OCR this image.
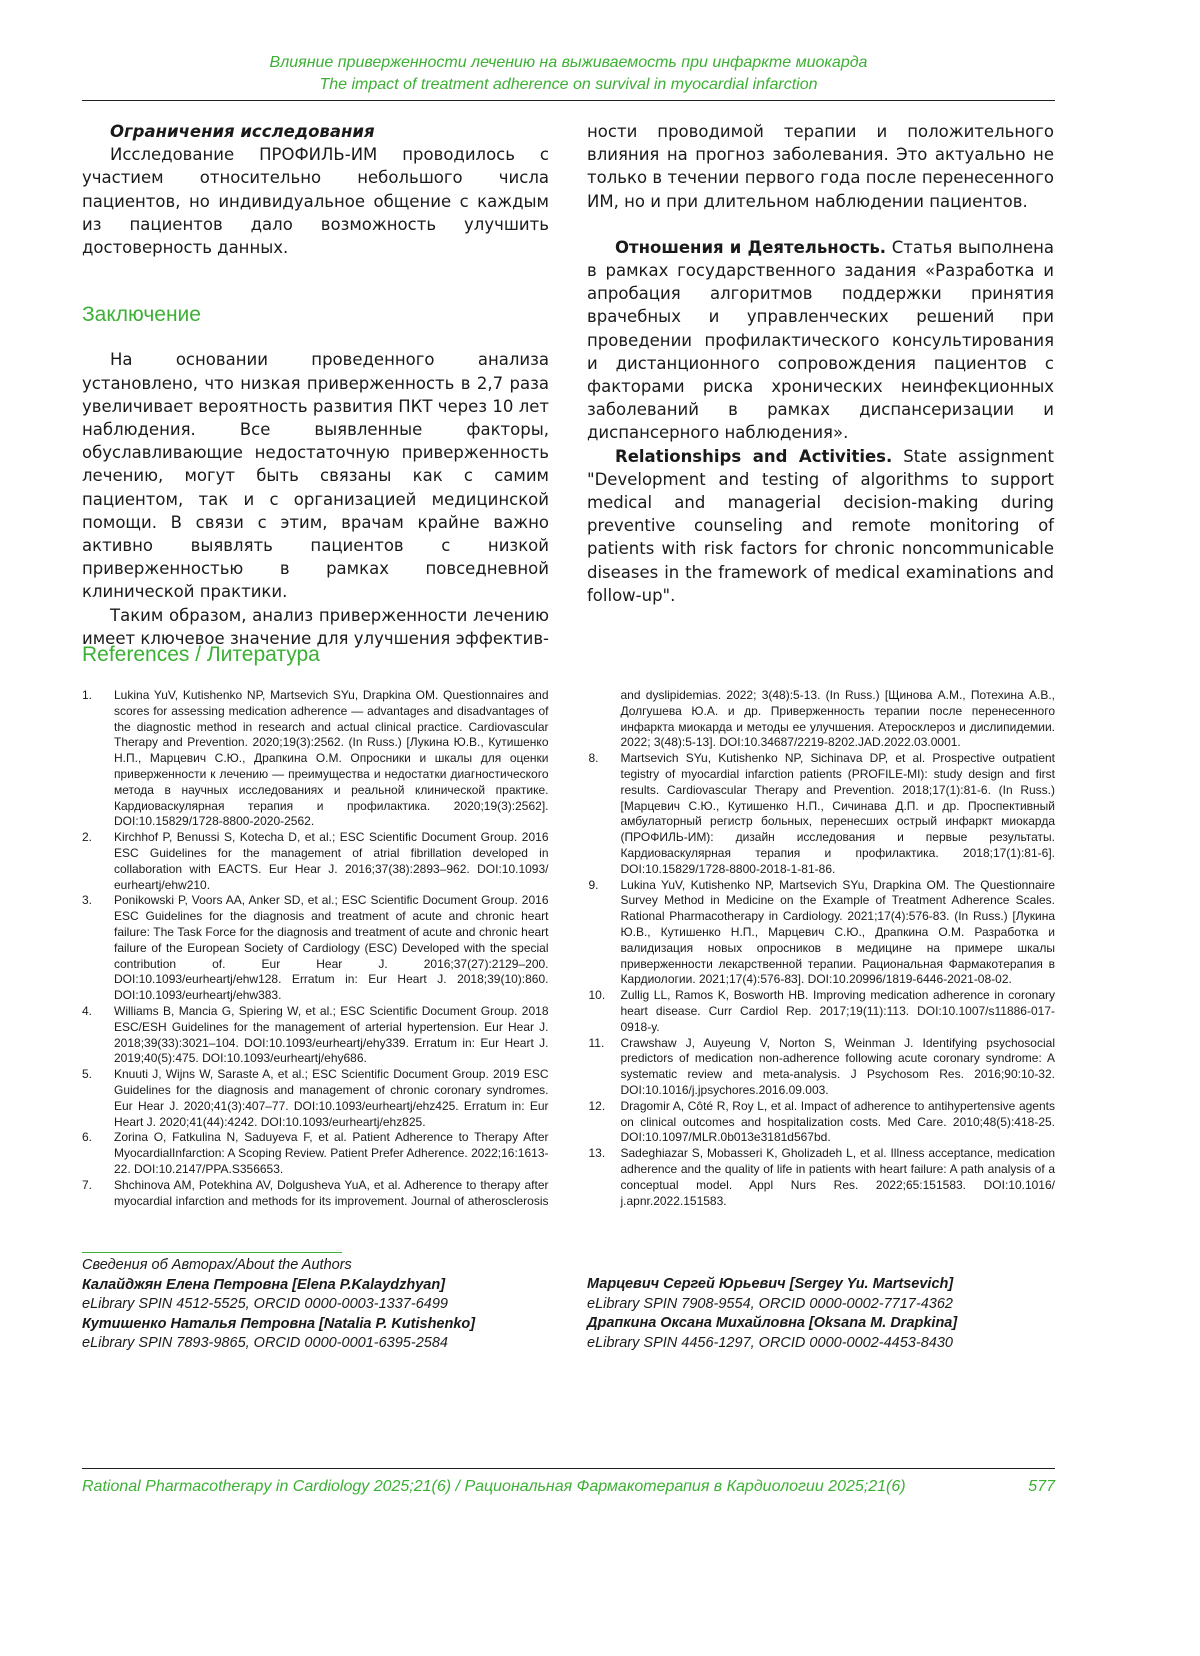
Влияние приверженности лечению на выживаемость при инфаркте миокарда
The impact of treatment adherence on survival in myocardial infarction

Ограничения исследования

Исследование ПРОФИЛЬ-ИМ проводилось с участием относительно небольшого числа пациентов, но индивидуальное общение с каждым из пациентов дало возможность улучшить достоверность данных.

Заключение

На основании проведенного анализа установлено, что низкая приверженность в 2,7 раза увеличивает вероятность развития ПКТ через 10 лет наблюдения. Все выявленные факторы, обуславливающие недостаточную приверженность лечению, могут быть связаны как с самим пациентом, так и с организацией медицинской помощи. В связи с этим, врачам крайне важно активно выявлять пациентов с низкой приверженностью в рамках повседневной клинической практики.

Таким образом, анализ приверженности лечению имеет ключевое значение для улучшения эффектив-

ности проводимой терапии и положительного влияния на прогноз заболевания. Это актуально не только в течении первого года после перенесенного ИМ, но и при длительном наблюдении пациентов.

Отношения и Деятельность. Статья выполнена в рамках государственного задания «Разработка и апробация алгоритмов поддержки принятия врачебных и управленческих решений при проведении профилактического консультирования и дистанционного сопровождения пациентов с факторами риска хронических неинфекционных заболеваний в рамках диспансеризации и диспансерного наблюдения».

Relationships and Activities. State assignment "Development and testing of algorithms to support medical and managerial decision-making during preventive counseling and remote monitoring of patients with risk factors for chronic noncommunicable diseases in the framework of medical examinations and follow-up".

References / Литература
1.	Lukina YuV, Kutishenko NP, Martsevich SYu, Drapkina OM. Questionnaires and scores for assessing medication adherence — advantages and disadvantages of the diagnostic method in research and actual clinical practice. Cardiovascular Therapy and Prevention. 2020;19(3):2562. (In Russ.) [Лукина Ю.В., Кутишенко Н.П., Марцевич С.Ю., Драпкина О.М. Опросники и шкалы для оценки приверженности к лечению — преимущества и недостатки диагностического метода в научных исследованиях и реальной клинической практике. Кардиоваскулярная терапия и профилактика. 2020;19(3):2562]. DOI:10.15829/1728-8800-2020-2562.
2.	Kirchhof P, Benussi S, Kotecha D, et al.; ESC Scientific Document Group. 2016 ESC Guidelines for the management of atrial fibrillation developed in collaboration with EACTS. Eur Hear J. 2016;37(38):2893–962. DOI:10.1093/ eurheartj/ehw210.
3.	Ponikowski P, Voors AA, Anker SD, et al.; ESC Scientific Document Group. 2016 ESC Guidelines for the diagnosis and treatment of acute and chronic heart failure: The Task Force for the diagnosis and treatment of acute and chronic heart failure of the European Society of Cardiology (ESC) Developed with the special contribution of. Eur Hear J. 2016;37(27):2129–200. DOI:10.1093/eurheartj/ehw128. Erratum in: Eur Heart J. 2018;39(10):860. DOI:10.1093/eurheartj/ehw383.
4.	Williams B, Mancia G, Spiering W, et al.; ESC Scientific Document Group. 2018 ESC/ESH Guidelines for the management of arterial hypertension. Eur Hear J. 2018;39(33):3021–104. DOI:10.1093/eurheartj/ehy339. Erratum in: Eur Heart J. 2019;40(5):475. DOI:10.1093/eurheartj/ehy686.
5.	Knuuti J, Wijns W, Saraste A, et al.; ESC Scientific Document Group. 2019 ESC Guidelines for the diagnosis and management of chronic coronary syndromes. Eur Hear J. 2020;41(3):407–77. DOI:10.1093/eurheartj/ehz425. Erratum in: Eur Heart J. 2020;41(44):4242. DOI:10.1093/eurheartj/ehz825.
6.	Zorina O, Fatkulina N, Saduyeva F, et al. Patient Adherence to Therapy After MyocardialInfarction: A Scoping Review. Patient Prefer Adherence. 2022;16:1613-22. DOI:10.2147/PPA.S356653.
7.	Shchinova AM, Potekhina AV, Dolgusheva YuA, et al. Adherence to therapy after myocardial infarction and methods for its improvement. Journal of atherosclerosis and dyslipidemias. 2022; 3(48):5-13. (In Russ.) [Щинова А.М., Потехина А.В., Долгушева Ю.А. и др. Приверженность терапии после перенесенного инфаркта миокарда и методы ее улучшения. Атеросклероз и дислипидемии. 2022; 3(48):5-13]. DOI:10.34687/2219-8202.JAD.2022.03.0001.
8.	Martsevich SYu, Kutishenko NP, Sichinava DP, et al. Prospective outpatient tegistry of myocardial infarction patients (PROFILE-MI): study design and first results. Cardiovascular Therapy and Prevention. 2018;17(1):81-6. (In Russ.) [Марцевич С.Ю., Кутишенко Н.П., Сичинава Д.П. и др. Проспективный амбулаторный регистр больных, перенесших острый инфаркт миокарда (ПРОФИЛЬ-ИМ): дизайн исследования и первые результаты. Кардиоваскулярная терапия и профилактика. 2018;17(1):81-6]. DOI:10.15829/1728-8800-2018-1-81-86.
9.	Lukina YuV, Kutishenko NP, Martsevich SYu, Drapkina OM. The Questionnaire Survey Method in Medicine on the Example of Treatment Adherence Scales. Rational Pharmacotherapy in Cardiology. 2021;17(4):576-83. (In Russ.) [Лукина Ю.В., Кутишенко Н.П., Марцевич С.Ю., Драпкина О.М. Разработка и валидизация новых опросников в медицине на примере шкалы приверженности лекарственной терапии. Рациональная Фармакотерапия в Кардиологии. 2021;17(4):576-83]. DOI:10.20996/1819-6446-2021-08-02.
10.	Zullig LL, Ramos K, Bosworth HB. Improving medication adherence in coronary heart disease. Curr Cardiol Rep. 2017;19(11):113. DOI:10.1007/s11886-017-0918-y.
11.	Crawshaw J, Auyeung V, Norton S, Weinman J. Identifying psychosocial predictors of medication non-adherence following acute coronary syndrome: A systematic review and meta-analysis. J Psychosom Res. 2016;90:10-32. DOI:10.1016/j.jpsychores.2016.09.003.
12.	Dragomir A, Côté R, Roy L, et al. Impact of adherence to antihypertensive agents on clinical outcomes and hospitalization costs. Med Care. 2010;48(5):418-25. DOI:10.1097/MLR.0b013e3181d567bd.
13.	Sadeghiazar S, Mobasseri K, Gholizadeh L, et al. Illness acceptance, medication adherence and the quality of life in patients with heart failure: A path analysis of a conceptual model. Appl Nurs Res. 2022;65:151583. DOI:10.1016/ j.apnr.2022.151583.
Сведения об Авторах/About the Authors
Калайджян Елена Петровна [Elena P.Kalaydzhyan]
eLibrary SPIN 4512-5525, ORCID 0000-0003-1337-6499
Кутишенко Наталья Петровна [Natalia P. Kutishenko]
eLibrary SPIN 7893-9865, ORCID 0000-0001-6395-2584
Марцевич Сергей Юрьевич [Sergey Yu. Martsevich]
eLibrary SPIN 7908-9554, ORCID 0000-0002-7717-4362
Драпкина Оксана Михайловна [Oksana M. Drapkina]
eLibrary SPIN 4456-1297, ORCID 0000-0002-4453-8430
Rational Pharmacotherapy in Cardiology 2025;21(6) / Рациональная Фармакотерапия в Кардиологии 2025;21(6)	577
